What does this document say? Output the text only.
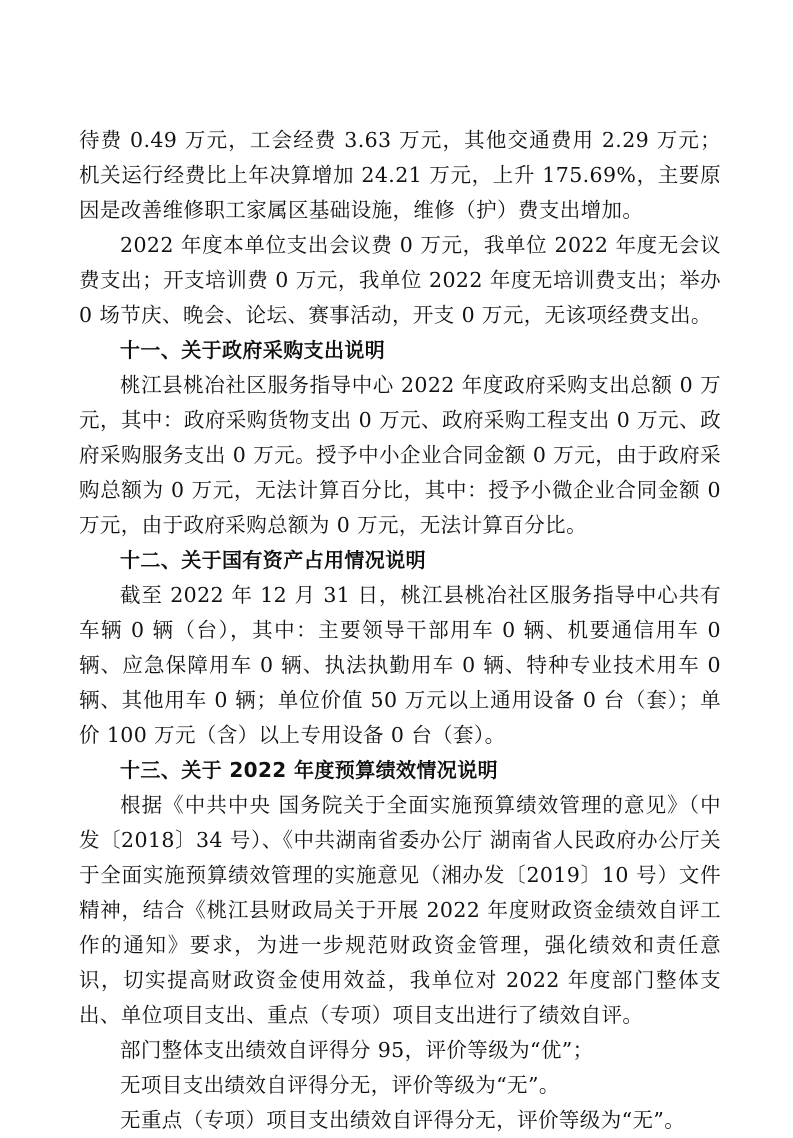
待费 0.49 万元，工会经费 3.63 万元，其他交通费用 2.29 万元；机关运行经费比上年决算增加 24.21 万元，上升 175.69%，主要原因是改善维修职工家属区基础设施，维修（护）费支出增加。

2022 年度本单位支出会议费 0 万元，我单位 2022 年度无会议费支出；开支培训费 0 万元，我单位 2022 年度无培训费支出；举办 0 场节庆、晚会、论坛、赛事活动，开支 0 万元，无该项经费支出。

十一、关于政府采购支出说明

桃江县桃冶社区服务指导中心 2022 年度政府采购支出总额 0 万元，其中：政府采购货物支出 0 万元、政府采购工程支出 0 万元、政府采购服务支出 0 万元。授予中小企业合同金额 0 万元，由于政府采购总额为 0 万元，无法计算百分比，其中：授予小微企业合同金额 0 万元，由于政府采购总额为 0 万元，无法计算百分比。

十二、关于国有资产占用情况说明

截至 2022 年 12 月 31 日，桃江县桃冶社区服务指导中心共有车辆 0 辆（台），其中：主要领导干部用车 0 辆、机要通信用车 0 辆、应急保障用车 0 辆、执法执勤用车 0 辆、特种专业技术用车 0 辆、其他用车 0 辆；单位价值 50 万元以上通用设备 0 台（套）；单价 100 万元（含）以上专用设备 0 台（套）。

十三、关于 2022 年度预算绩效情况说明

根据《中共中央 国务院关于全面实施预算绩效管理的意见》（中发〔2018〕34 号）、《中共湖南省委办公厅 湖南省人民政府办公厅关于全面实施预算绩效管理的实施意见（湘办发〔2019〕10 号）文件精神，结合《桃江县财政局关于开展 2022 年度财政资金绩效自评工作的通知》要求，为进一步规范财政资金管理，强化绩效和责任意识，切实提高财政资金使用效益，我单位对 2022 年度部门整体支出、单位项目支出、重点（专项）项目支出进行了绩效自评。

部门整体支出绩效自评得分 95，评价等级为“优”；

无项目支出绩效自评得分无，评价等级为“无”。

无重点（专项）项目支出绩效自评得分无，评价等级为“无”。
